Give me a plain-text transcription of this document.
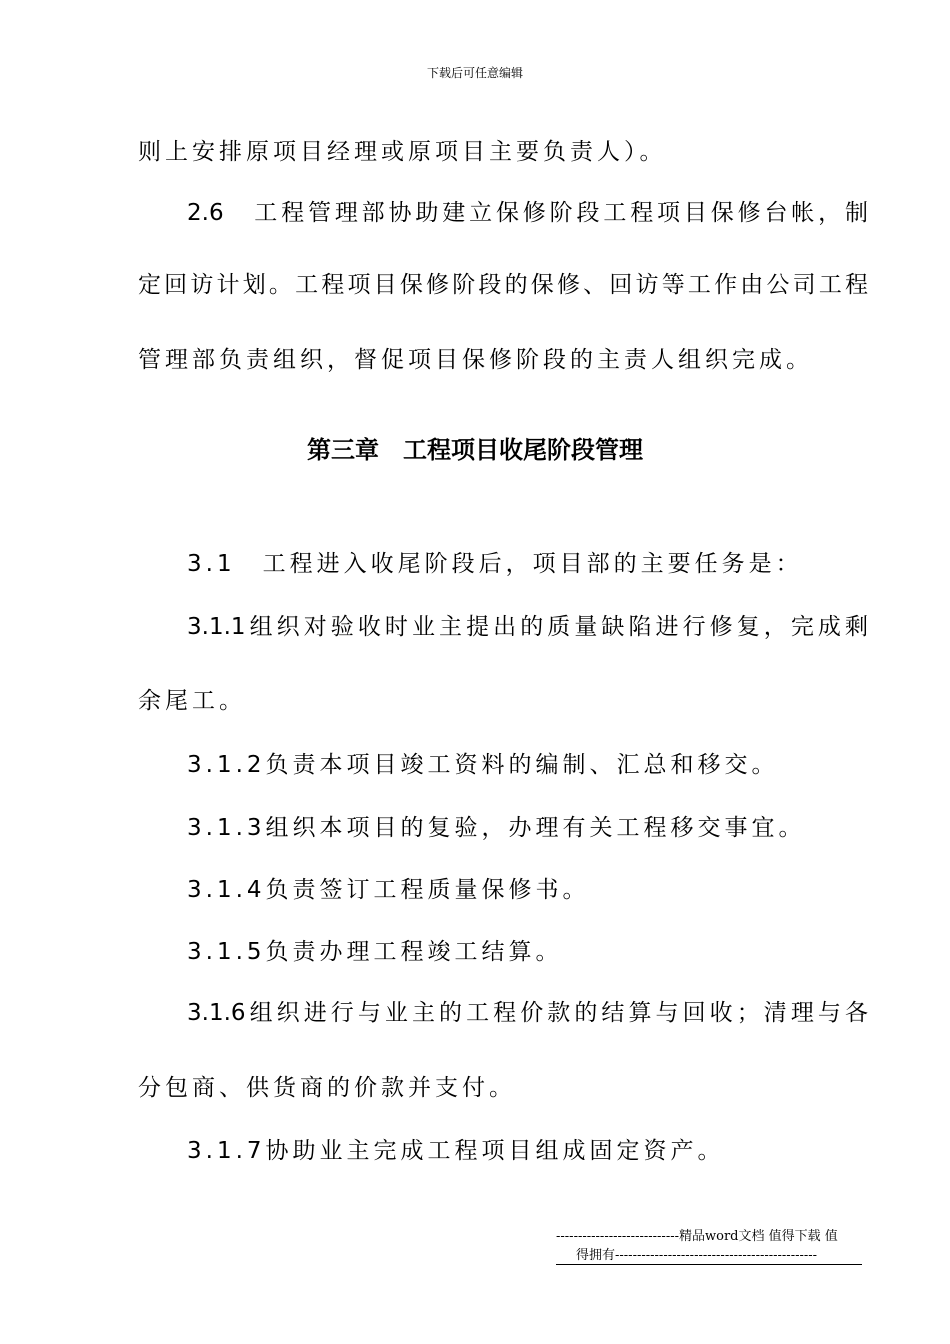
下载后可任意编辑
则上安排原项目经理或原项目主要负责人）。
2.6　工程管理部协助建立保修阶段工程项目保修台帐，制
定回访计划。工程项目保修阶段的保修、回访等工作由公司工程
管理部负责组织，督促项目保修阶段的主责人组织完成。
第三章　工程项目收尾阶段管理
3.1　工程进入收尾阶段后，项目部的主要任务是：
3.1.1组织对验收时业主提出的质量缺陷进行修复，完成剩
余尾工。
3.1.2负责本项目竣工资料的编制、汇总和移交。
3.1.3组织本项目的复验，办理有关工程移交事宜。
3.1.4负责签订工程质量保修书。
3.1.5负责办理工程竣工结算。
3.1.6组织进行与业主的工程价款的结算与回收；清理与各
分包商、供货商的价款并支付。
3.1.7协助业主完成工程项目组成固定资产。
----------------------------精品word文档 值得下载 值
得拥有----------------------------------------------
